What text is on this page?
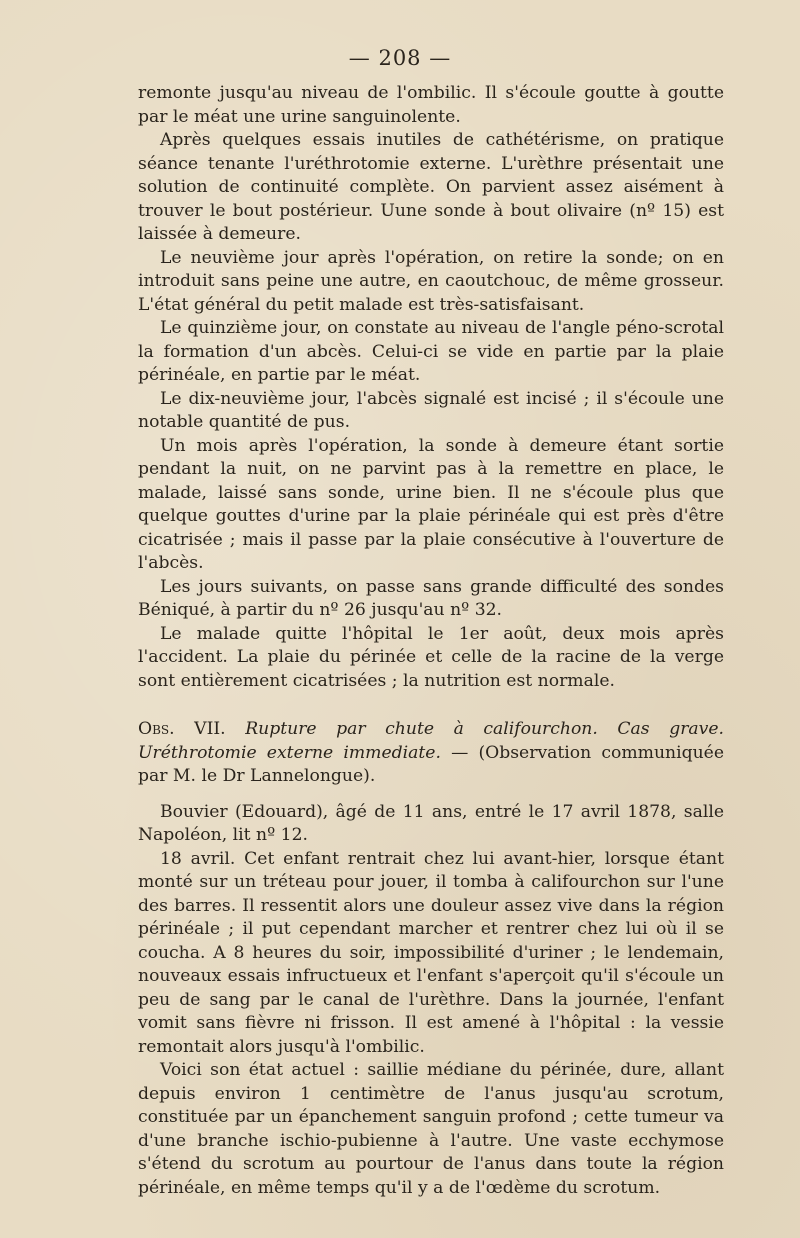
— 208 —

remonte jusqu'au niveau de l'ombilic. Il s'écoule goutte à goutte par le méat une urine sanguinolente.

Après quelques essais inutiles de cathétérisme, on pratique séance tenante l'uréthrotomie externe. L'urèthre présentait une solution de continuité complète. On parvient assez aisément à trouver le bout postérieur. Uune sonde à bout olivaire (nº 15) est laissée à demeure.

Le neuvième jour après l'opération, on retire la sonde; on en introduit sans peine une autre, en caoutchouc, de même grosseur. L'état général du petit malade est très-satisfaisant.

Le quinzième jour, on constate au niveau de l'angle péno-scrotal la formation d'un abcès. Celui-ci se vide en partie par la plaie périnéale, en partie par le méat.

Le dix-neuvième jour, l'abcès signalé est incisé ; il s'écoule une notable quantité de pus.

Un mois après l'opération, la sonde à demeure étant sortie pendant la nuit, on ne parvint pas à la remettre en place, le malade, laissé sans sonde, urine bien. Il ne s'écoule plus que quelque gouttes d'urine par la plaie périnéale qui est près d'être cicatrisée ; mais il passe par la plaie consécutive à l'ouverture de l'abcès.

Les jours suivants, on passe sans grande difficulté des sondes Béniqué, à partir du nº 26 jusqu'au nº 32.

Le malade quitte l'hôpital le 1er août, deux mois après l'accident. La plaie du périnée et celle de la racine de la verge sont entièrement cicatrisées ; la nutrition est normale.

Obs. VII. Rupture par chute à califourchon. Cas grave. Uréthrotomie externe immediate. — (Observation communiquée par M. le Dr Lannelongue).

Bouvier (Edouard), âgé de 11 ans, entré le 17 avril 1878, salle Napoléon, lit nº 12.

18 avril. Cet enfant rentrait chez lui avant-hier, lorsque étant monté sur un tréteau pour jouer, il tomba à califourchon sur l'une des barres. Il ressentit alors une douleur assez vive dans la région périnéale ; il put cependant marcher et rentrer chez lui où il se coucha. A 8 heures du soir, impossibilité d'uriner ; le lendemain, nouveaux essais infructueux et l'enfant s'aperçoit qu'il s'écoule un peu de sang par le canal de l'urèthre. Dans la journée, l'enfant vomit sans fièvre ni frisson. Il est amené à l'hôpital : la vessie remontait alors jusqu'à l'ombilic.

Voici son état actuel : saillie médiane du périnée, dure, allant depuis environ 1 centimètre de l'anus jusqu'au scrotum, constituée par un épanchement sanguin profond ; cette tumeur va d'une branche ischio-pubienne à l'autre. Une vaste ecchymose s'étend du scrotum au pourtour de l'anus dans toute la région périnéale, en même temps qu'il y a de l'œdème du scrotum.
